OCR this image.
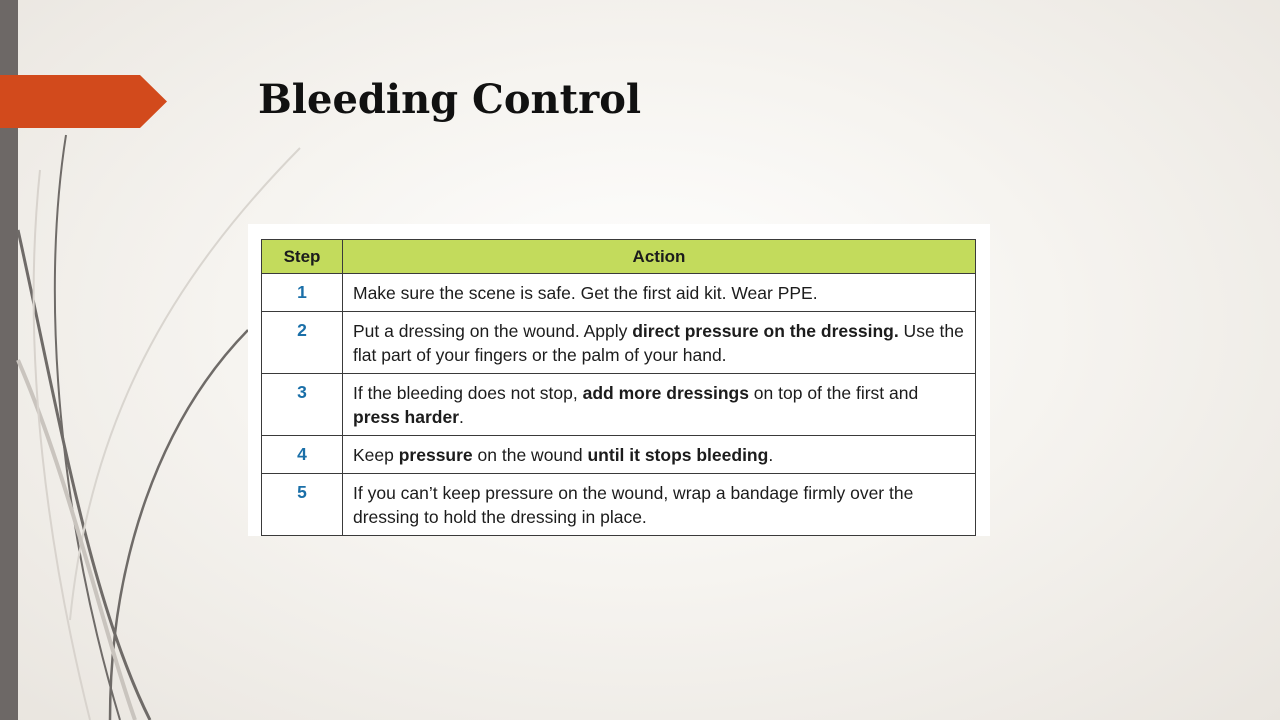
Bleeding Control
Step	Action
1	Make sure the scene is safe. Get the first aid kit. Wear PPE.
2	Put a dressing on the wound. Apply direct pressure on the dressing. Use the flat part of your fingers or the palm of your hand.
3	If the bleeding does not stop, add more dressings on top of the first and press harder.
4	Keep pressure on the wound until it stops bleeding.
5	If you can’t keep pressure on the wound, wrap a bandage firmly over the dressing to hold the dressing in place.
